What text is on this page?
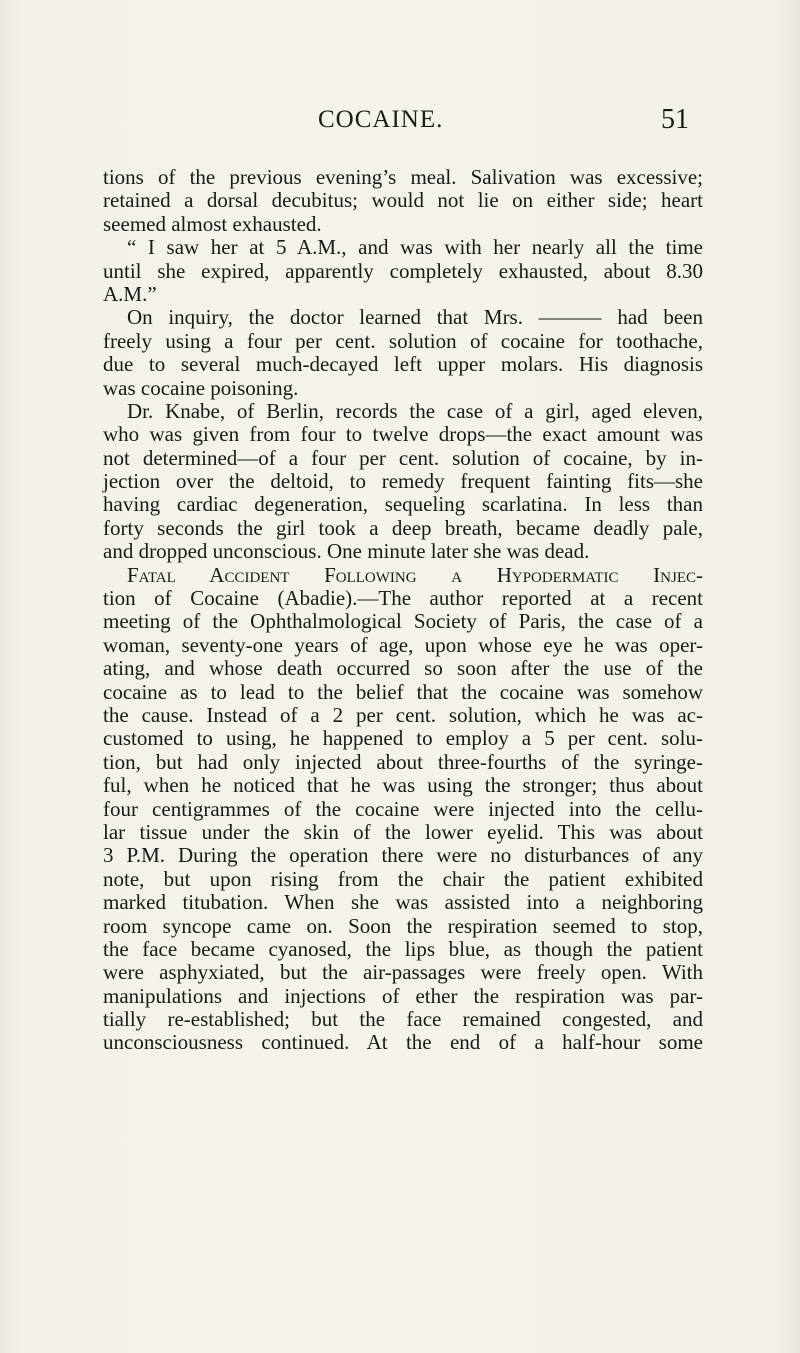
COCAINE.	51
tions of the previous evening’s meal. Salivation was excessive;
retained a dorsal decubitus; would not lie on either side; heart
seemed almost exhausted.
“ I saw her at 5 A.M., and was with her nearly all the time
until she expired, apparently completely exhausted, about 8.30
A.M.”
On inquiry, the doctor learned that Mrs. ——— had been
freely using a four per cent. solution of cocaine for toothache,
due to several much-decayed left upper molars. His diagnosis
was cocaine poisoning.
Dr. Knabe, of Berlin, records the case of a girl, aged eleven,
who was given from four to twelve drops—the exact amount was
not determined—of a four per cent. solution of cocaine, by in-
jection over the deltoid, to remedy frequent fainting fits—she
having cardiac degeneration, sequeling scarlatina. In less than
forty seconds the girl took a deep breath, became deadly pale,
and dropped unconscious. One minute later she was dead.
Fatal Accident Following a Hypodermatic Injec-
tion of Cocaine (Abadie).—The author reported at a recent
meeting of the Ophthalmological Society of Paris, the case of a
woman, seventy-one years of age, upon whose eye he was oper-
ating, and whose death occurred so soon after the use of the
cocaine as to lead to the belief that the cocaine was somehow
the cause. Instead of a 2 per cent. solution, which he was ac-
customed to using, he happened to employ a 5 per cent. solu-
tion, but had only injected about three-fourths of the syringe-
ful, when he noticed that he was using the stronger; thus about
four centigrammes of the cocaine were injected into the cellu-
lar tissue under the skin of the lower eyelid. This was about
3 P.M. During the operation there were no disturbances of any
note, but upon rising from the chair the patient exhibited
marked titubation. When she was assisted into a neighboring
room syncope came on. Soon the respiration seemed to stop,
the face became cyanosed, the lips blue, as though the patient
were asphyxiated, but the air-passages were freely open. With
manipulations and injections of ether the respiration was par-
tially re-established; but the face remained congested, and
unconsciousness continued. At the end of a half-hour some
